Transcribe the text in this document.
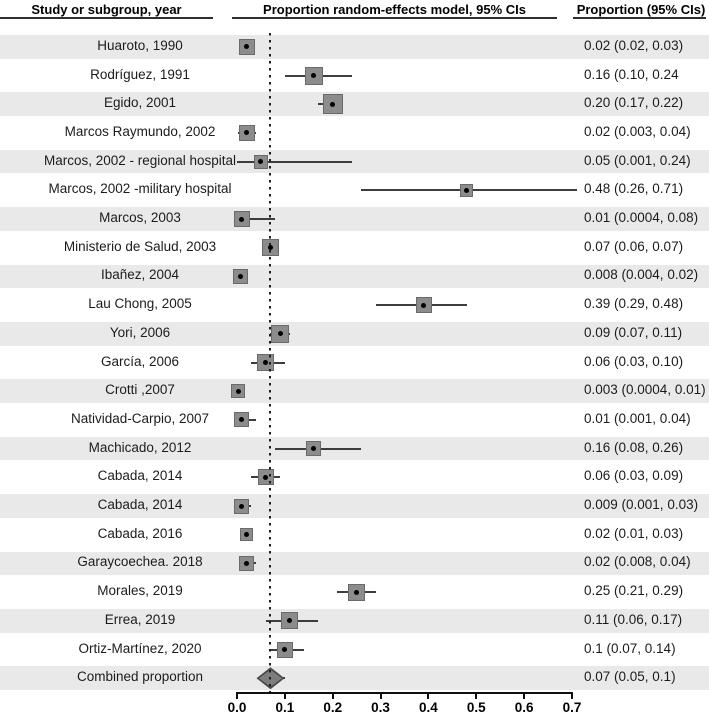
Study or subgroup, year	Proportion random-effects model, 95% CIs	Proportion (95% CIs)
Huaroto, 1990	0.02 (0.02, 0.03)
Rodríguez, 1991	0.16 (0.10, 0.24
Egido, 2001	0.20 (0.17, 0.22)
Marcos Raymundo, 2002	0.02 (0.003, 0.04)
Marcos, 2002 - regional hospital	0.05 (0.001, 0.24)
Marcos, 2002 -military hospital	0.48 (0.26, 0.71)
Marcos, 2003	0.01 (0.0004, 0.08)
Ministerio de Salud, 2003	0.07 (0.06, 0.07)
Ibañez, 2004	0.008 (0.004, 0.02)
Lau Chong, 2005	0.39 (0.29, 0.48)
Yori, 2006	0.09 (0.07, 0.11)
García, 2006	0.06 (0.03, 0.10)
Crotti ,2007	0.003 (0.0004, 0.01)
Natividad-Carpio, 2007	0.01 (0.001, 0.04)
Machicado, 2012	0.16 (0.08, 0.26)
Cabada, 2014	0.06 (0.03, 0.09)
Cabada, 2014	0.009 (0.001, 0.03)
Cabada, 2016	0.02 (0.01, 0.03)
Garaycoechea. 2018	0.02 (0.008, 0.04)
Morales, 2019	0.25 (0.21, 0.29)
Errea, 2019	0.11 (0.06, 0.17)
Ortiz-Martínez, 2020	0.1 (0.07, 0.14)
Combined proportion	0.07 (0.05, 0.1)
0.0 0.1 0.2 0.3 0.4 0.5 0.6 0.7
